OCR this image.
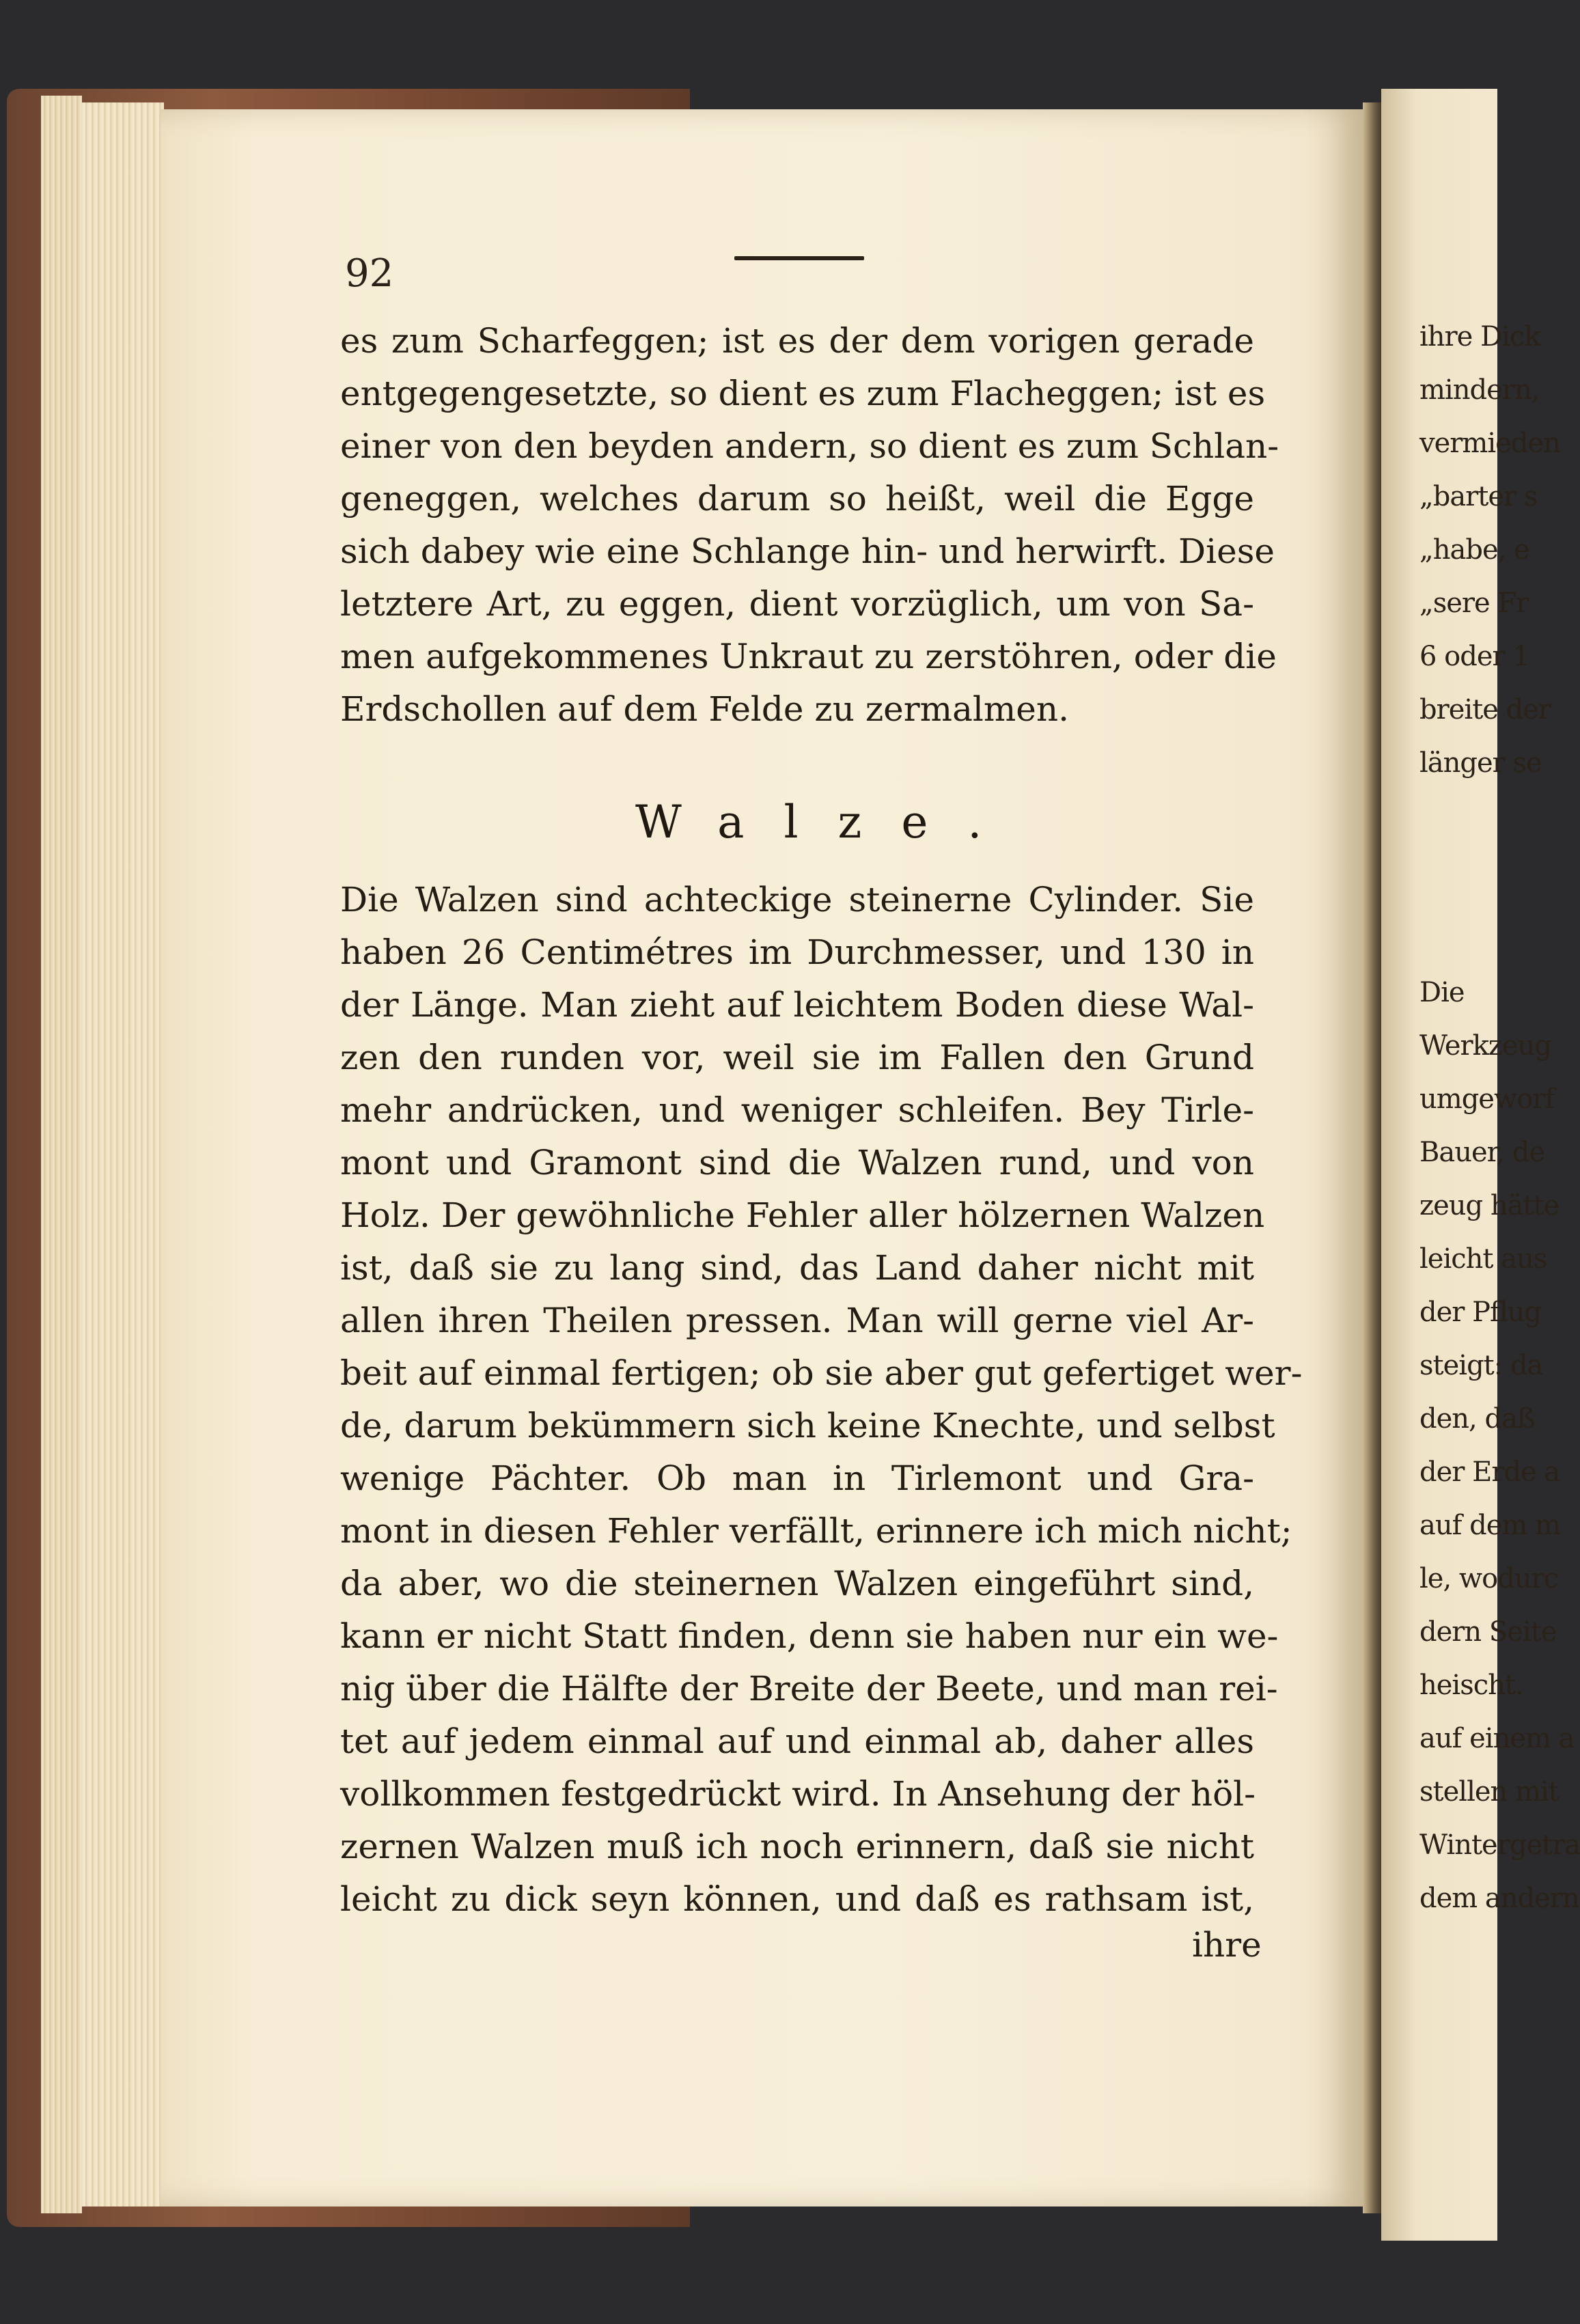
ihre Dick
mindern,
vermieden
„barter s
„habe, e
„sere Fr
6 oder 1
breite der
länger se
Die
Werkzeug
umgeworf
Bauer, de
zeug hätte
leicht aus
der Pflug
steigt: da
den, daß
der Erde a
auf dem m
le, wodurc
dern Seite
heischt.
auf einem a
stellen mit
Wintergetra
dem andern
92
es zum Scharfeggen; ist es der dem vorigen gerade
entgegengesetzte, so dient es zum Flacheggen; ist es
einer von den beyden andern, so dient es zum Schlan-
geneggen, welches darum so heißt, weil die Egge
sich dabey wie eine Schlange hin- und herwirft. Diese
letztere Art, zu eggen, dient vorzüglich, um von Sa-
men aufgekommenes Unkraut zu zerstöhren, oder die
Erdschollen auf dem Felde zu zermalmen.
Walze.
Die Walzen sind achteckige steinerne Cylinder. Sie
haben 26 Centimétres im Durchmesser, und 130 in
der Länge. Man zieht auf leichtem Boden diese Wal-
zen den runden vor, weil sie im Fallen den Grund
mehr andrücken, und weniger schleifen. Bey Tirle-
mont und Gramont sind die Walzen rund, und von
Holz. Der gewöhnliche Fehler aller hölzernen Walzen
ist, daß sie zu lang sind, das Land daher nicht mit
allen ihren Theilen pressen. Man will gerne viel Ar-
beit auf einmal fertigen; ob sie aber gut gefertiget wer-
de, darum bekümmern sich keine Knechte, und selbst
wenige Pächter. Ob man in Tirlemont und Gra-
mont in diesen Fehler verfällt, erinnere ich mich nicht;
da aber, wo die steinernen Walzen eingeführt sind,
kann er nicht Statt finden, denn sie haben nur ein we-
nig über die Hälfte der Breite der Beete, und man rei-
tet auf jedem einmal auf und einmal ab, daher alles
vollkommen festgedrückt wird. In Ansehung der höl-
zernen Walzen muß ich noch erinnern, daß sie nicht
leicht zu dick seyn können, und daß es rathsam ist,
ihre
